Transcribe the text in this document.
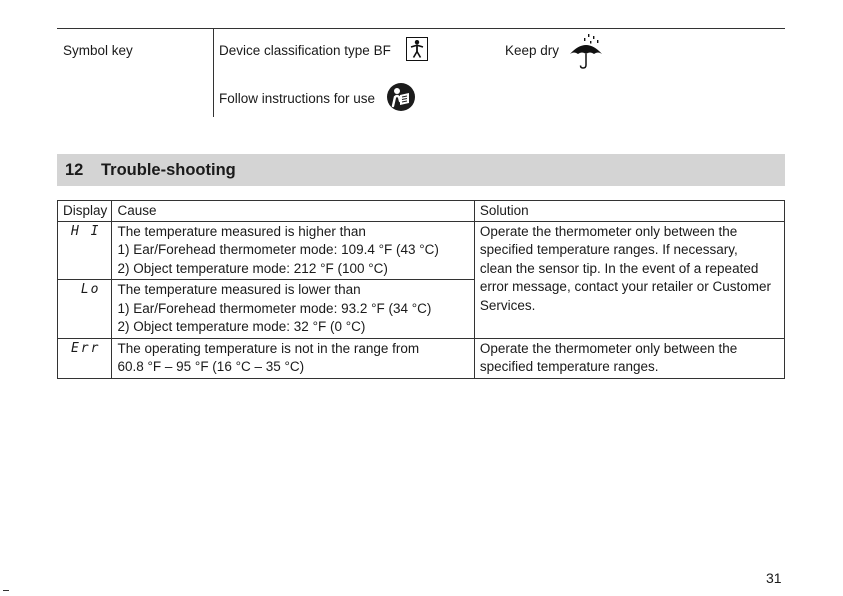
Symbol key	Device classification type BF	Keep dry
Follow instructions for use
12 Trouble-shooting
Display	Cause	Solution

H I	The temperature measured is higher than
1) Ear/Forehead thermometer mode: 109.4 °F (43 °C)
2) Object temperature mode: 212 °F (100 °C)	Operate the thermometer only between the
specified temperature ranges. If necessary,
clean the sensor tip. In the event of a repeated
error message, contact your retailer or Customer
Services.

Lo	The temperature measured is lower than
1) Ear/Forehead thermometer mode: 93.2 °F (34 °C)
2) Object temperature mode: 32 °F (0 °C)	

Err	The operating temperature is not in the range from
60.8 °F – 95 °F (16 °C – 35 °C)	Operate the thermometer only between the
specified temperature ranges.
31
